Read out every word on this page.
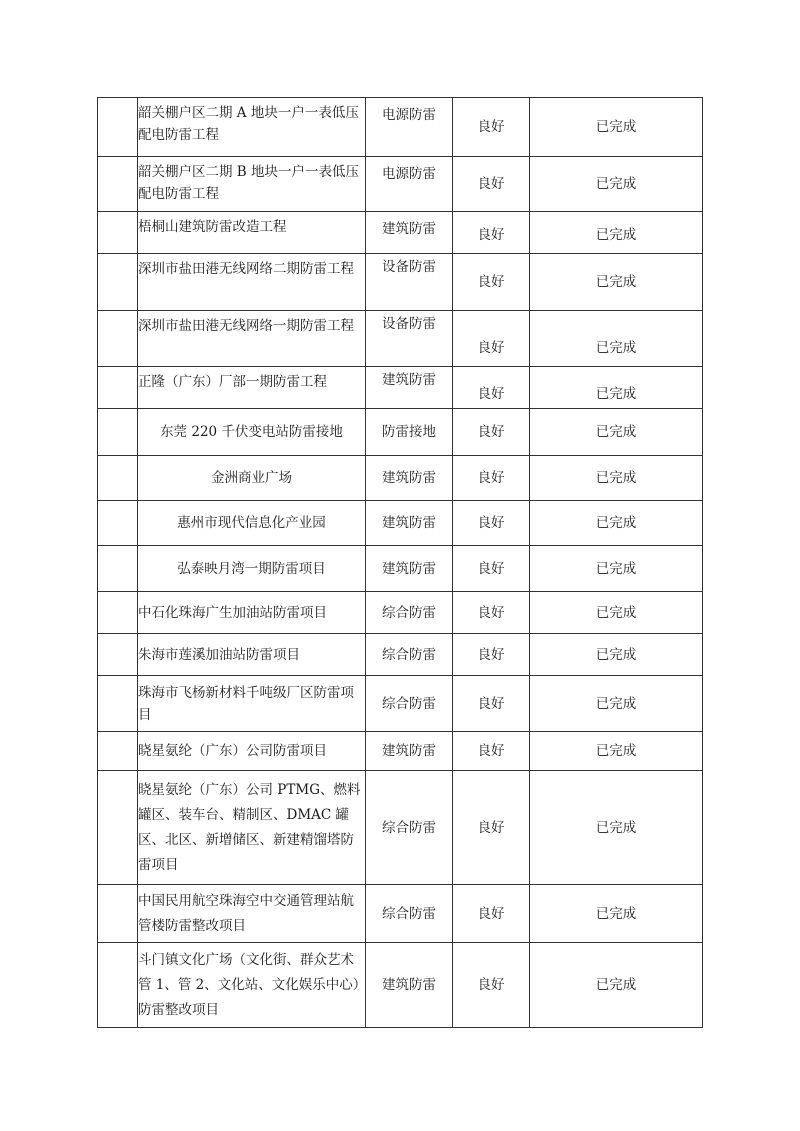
	韶关棚户区二期 A 地块一户一表低压配电防雷工程	电源防雷	良好	已完成
	韶关棚户区二期 B 地块一户一表低压配电防雷工程	电源防雷	良好	已完成
	梧桐山建筑防雷改造工程	建筑防雷	良好	已完成
	深圳市盐田港无线网络二期防雷工程	设备防雷	良好	已完成
	深圳市盐田港无线网络一期防雷工程	设备防雷	良好	已完成
	正隆（广东）厂部一期防雷工程	建筑防雷	良好	已完成
	东莞 220 千伏变电站防雷接地	防雷接地	良好	已完成
	金洲商业广场	建筑防雷	良好	已完成
	惠州市现代信息化产业园	建筑防雷	良好	已完成
	弘泰映月湾一期防雷项目	建筑防雷	良好	已完成
	中石化珠海广生加油站防雷项目	综合防雷	良好	已完成
	朱海市莲溪加油站防雷项目	综合防雷	良好	已完成
	珠海市飞杨新材料千吨级厂区防雷项目	综合防雷	良好	已完成
	晓星氨纶（广东）公司防雷项目	建筑防雷	良好	已完成
	晓星氨纶（广东）公司 PTMG、燃料罐区、装车台、精制区、DMAC 罐区、北区、新增储区、新建精馏塔防雷项目	综合防雷	良好	已完成
	中国民用航空珠海空中交通管理站航管楼防雷整改项目	综合防雷	良好	已完成
	斗门镇文化广场（文化街、群众艺术管 1、管 2、文化站、文化娱乐中心）防雷整改项目	建筑防雷	良好	已完成
